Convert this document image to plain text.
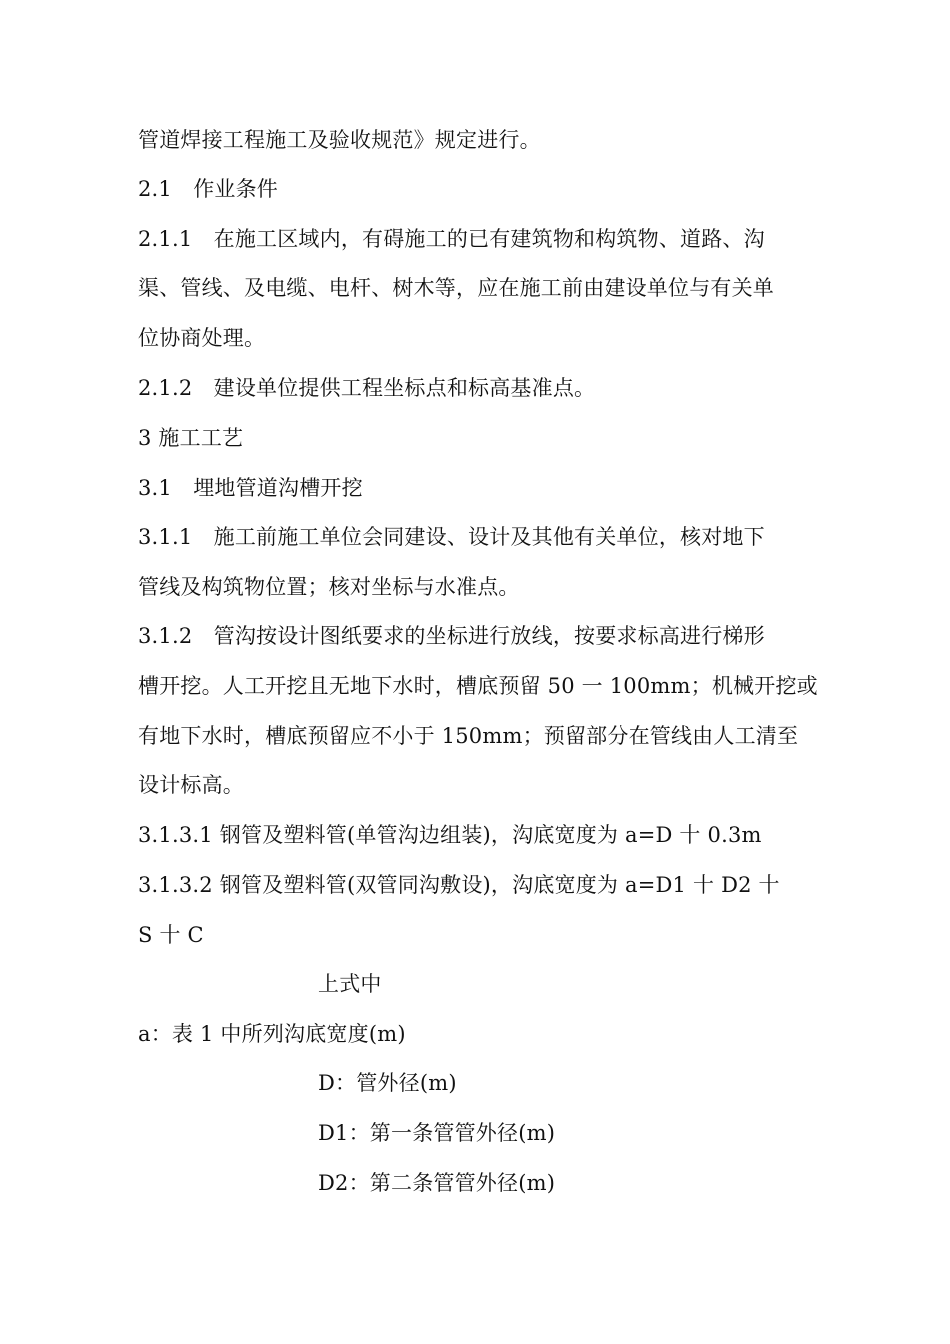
管道焊接工程施工及验收规范》规定进行。
2.1　作业条件
2.1.1　在施工区域内，有碍施工的已有建筑物和构筑物、道路、沟
渠、管线、及电缆、电杆、树木等，应在施工前由建设单位与有关单
位协商处理。
2.1.2　建设单位提供工程坐标点和标高基准点。
3 施工工艺
3.1　埋地管道沟槽开挖
3.1.1　施工前施工单位会同建设、设计及其他有关单位，核对地下
管线及构筑物位置；核对坐标与水准点。
3.1.2　管沟按设计图纸要求的坐标进行放线，按要求标高进行梯形
槽开挖。人工开挖且无地下水时，槽底预留 50 一 100mm；机械开挖或
有地下水时，槽底预留应不小于 150mm；预留部分在管线由人工清至
设计标高。
3.1.3.1 钢管及塑料管(单管沟边组装)，沟底宽度为 a=D 十 0.3m
3.1.3.2 钢管及塑料管(双管同沟敷设)，沟底宽度为 a=D1 十 D2 十
S 十 C
上式中
a：表 1 中所列沟底宽度(m)
D：管外径(m)
D1：第一条管管外径(m)
D2：第二条管管外径(m)
